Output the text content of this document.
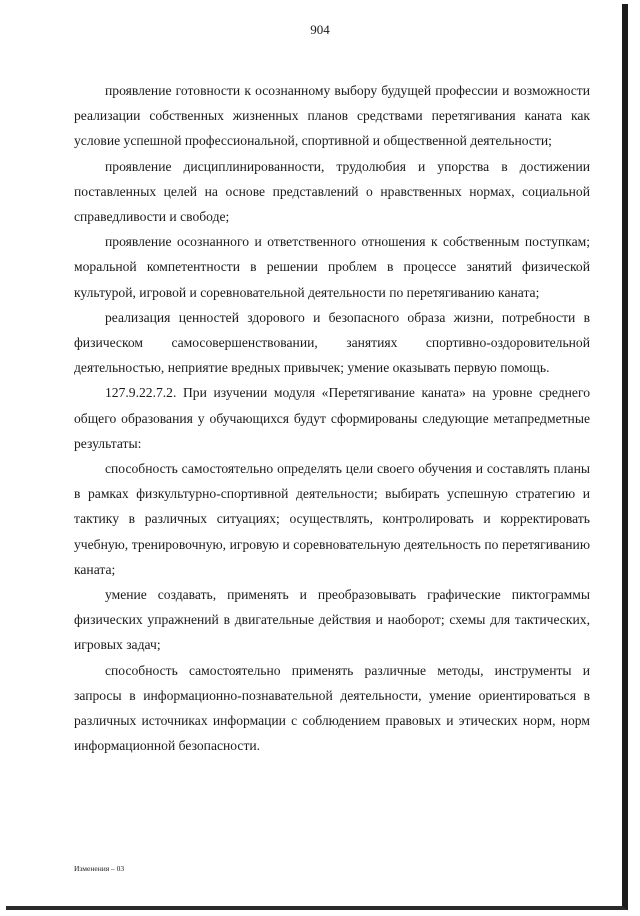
904

проявление готовности к осознанному выбору будущей профессии и возможности реализации собственных жизненных планов средствами перетягивания каната как условие успешной профессиональной, спортивной и общественной деятельности;

проявление дисциплинированности, трудолюбия и упорства в достижении поставленных целей на основе представлений о нравственных нормах, социальной справедливости и свободе;

проявление осознанного и ответственного отношения к собственным поступкам; моральной компетентности в решении проблем в процессе занятий физической культурой, игровой и соревновательной деятельности по перетягиванию каната;

реализация ценностей здорового и безопасного образа жизни, потребности в физическом самосовершенствовании, занятиях спортивно-оздоровительной деятельностью, неприятие вредных привычек; умение оказывать первую помощь.

127.9.22.7.2. При изучении модуля «Перетягивание каната» на уровне среднего общего образования у обучающихся будут сформированы следующие метапредметные результаты:

способность самостоятельно определять цели своего обучения и составлять планы в рамках физкультурно-спортивной деятельности; выбирать успешную стратегию и тактику в различных ситуациях; осуществлять, контролировать и корректировать учебную, тренировочную, игровую и соревновательную деятельность по перетягиванию каната;

умение создавать, применять и преобразовывать графические пиктограммы физических упражнений в двигательные действия и наоборот; схемы для тактических, игровых задач;

способность самостоятельно применять различные методы, инструменты и запросы в информационно-познавательной деятельности, умение ориентироваться в различных источниках информации с соблюдением правовых и этических норм, норм информационной безопасности.

Изменения – 03
